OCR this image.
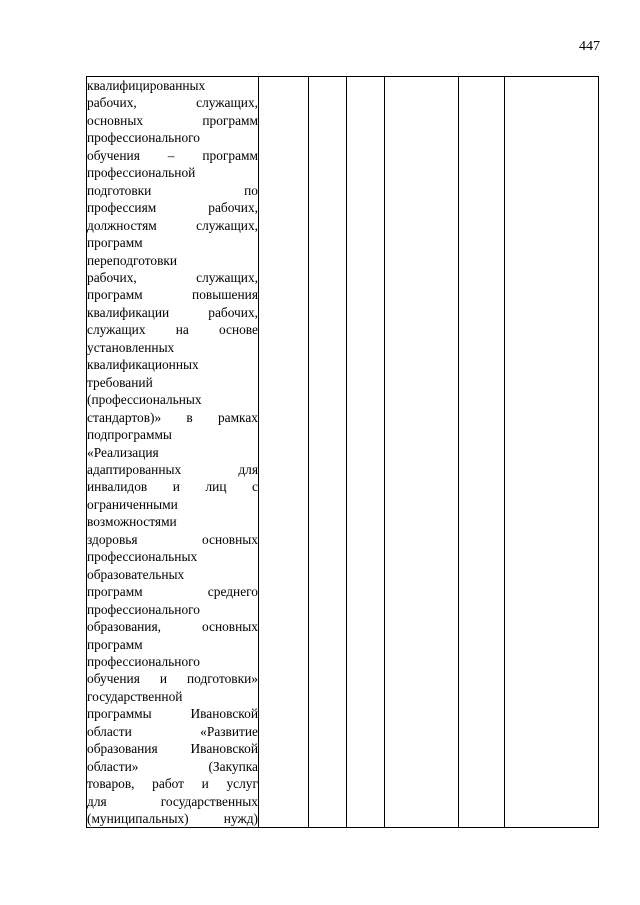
447
квалифицированных
рабочих, служащих,
основных программ
профессионального
обучения – программ
профессиональной
подготовки по
профессиям рабочих,
должностям служащих,
программ
переподготовки
рабочих, служащих,
программ повышения
квалификации рабочих,
служащих на основе
установленных
квалификационных
требований
(профессиональных
стандартов)» в рамках
подпрограммы
«Реализация
адаптированных для
инвалидов и лиц с
ограниченными
возможностями
здоровья основных
профессиональных
образовательных
программ среднего
профессионального
образования, основных
программ
профессионального
обучения и подготовки»
государственной
программы Ивановской
области «Развитие
образования Ивановской
области» (Закупка
товаров, работ и услуг
для государственных
(муниципальных) нужд)
